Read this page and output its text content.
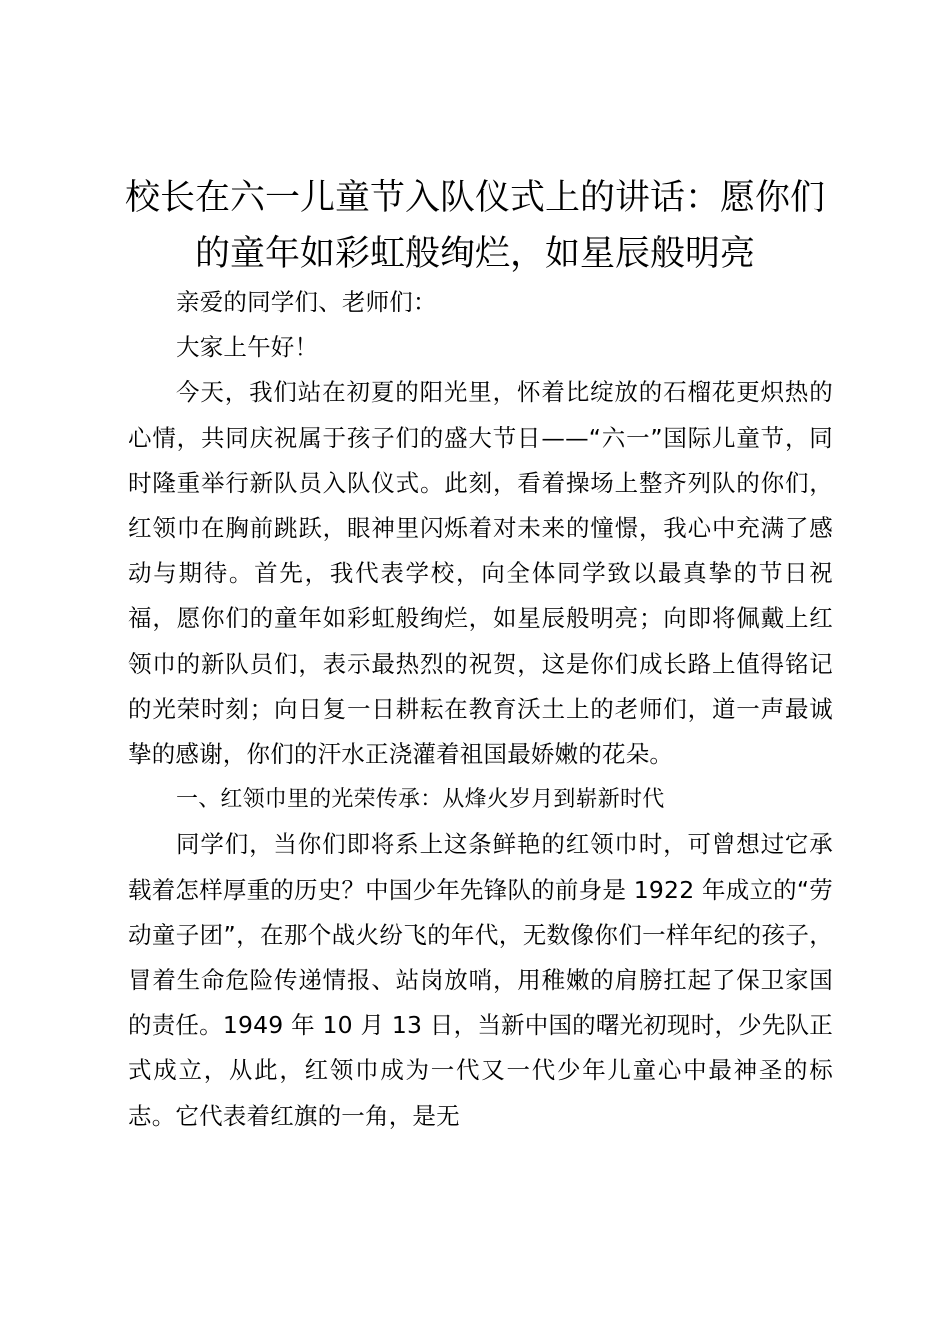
校长在六一儿童节入队仪式上的讲话：愿你们的童年如彩虹般绚烂，如星辰般明亮

亲爱的同学们、老师们：

大家上午好！

今天，我们站在初夏的阳光里，怀着比绽放的石榴花更炽热的心情，共同庆祝属于孩子们的盛大节日——“六一”国际儿童节，同时隆重举行新队员入队仪式。此刻，看着操场上整齐列队的你们，红领巾在胸前跳跃，眼神里闪烁着对未来的憧憬，我心中充满了感动与期待。首先，我代表学校，向全体同学致以最真挚的节日祝福，愿你们的童年如彩虹般绚烂，如星辰般明亮；向即将佩戴上红领巾的新队员们，表示最热烈的祝贺，这是你们成长路上值得铭记的光荣时刻；向日复一日耕耘在教育沃土上的老师们，道一声最诚挚的感谢，你们的汗水正浇灌着祖国最娇嫩的花朵。

一、红领巾里的光荣传承：从烽火岁月到崭新时代

同学们，当你们即将系上这条鲜艳的红领巾时，可曾想过它承载着怎样厚重的历史？中国少年先锋队的前身是 1922 年成立的“劳动童子团”，在那个战火纷飞的年代，无数像你们一样年纪的孩子，冒着生命危险传递情报、站岗放哨，用稚嫩的肩膀扛起了保卫家国的责任。1949 年 10 月 13 日，当新中国的曙光初现时，少先队正式成立，从此，红领巾成为一代又一代少年儿童心中最神圣的标志。它代表着红旗的一角，是无
